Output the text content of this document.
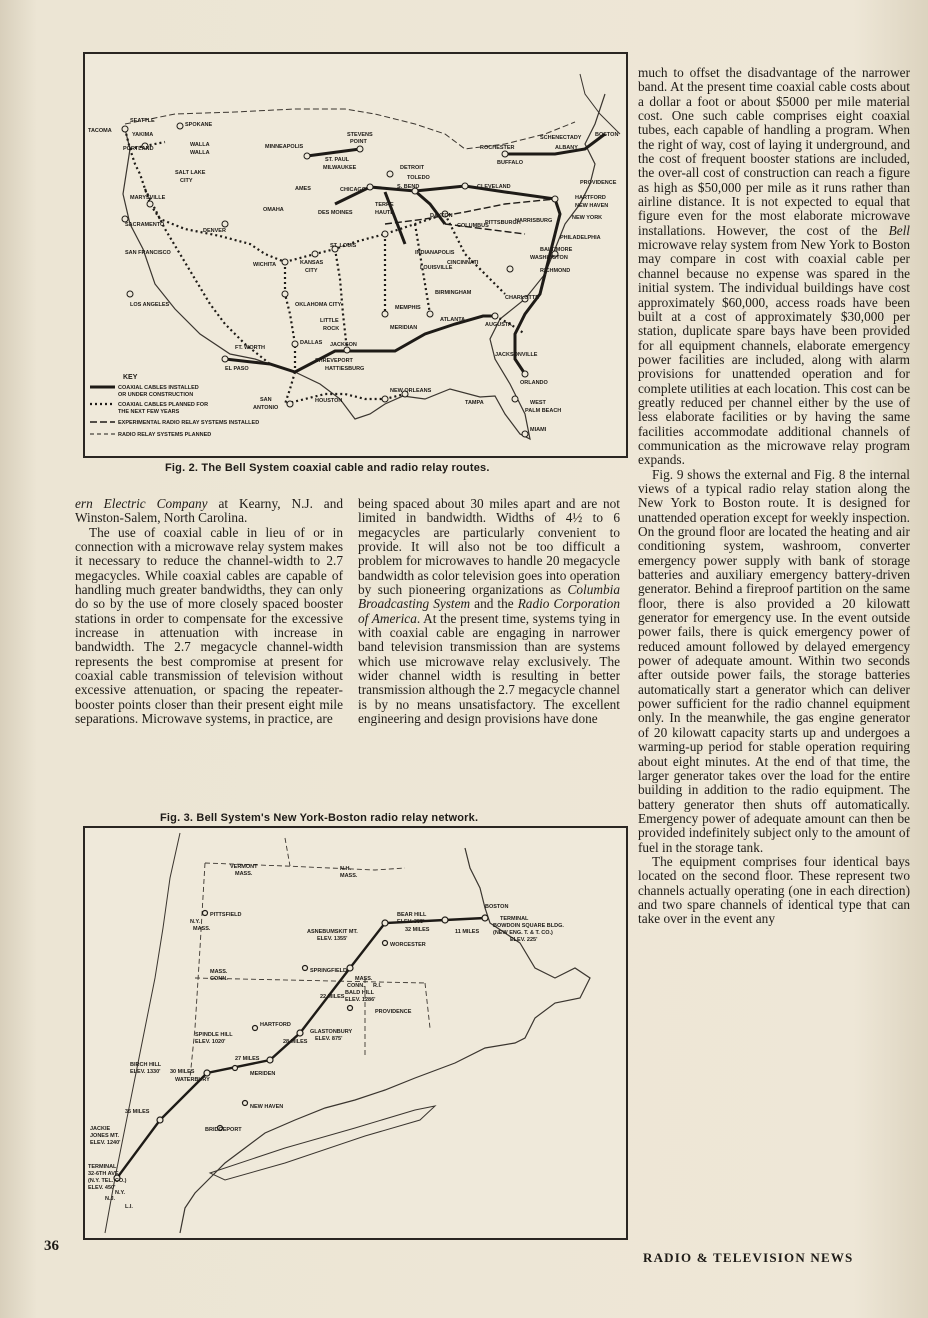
SEATTLE
SPOKANE
TACOMA
YAKIMA
PORTLAND
WALLA
WALLA
MINNEAPOLIS
STEVENS
POINT
ST. PAUL
MILWAUKEE	DETROIT
TOLEDO
ROCHESTER
SCHENECTADY
ALBANY
BOSTON
BUFFALO
PROVIDENCE
HARTFORD
NEW HAVEN
NEW YORK
PHILADELPHIA
BALTIMORE
WASHINGTON
RICHMOND
SALT LAKE
CITY
MARYSVILLE
SACRAMENTO
DENVER
OMAHA	DES MOINES
AMES	CHICAGO	S. BEND	CLEVELAND
TERRE
HAUTE	DAYTON
COLUMBUS
PITTSBURGH
HARRISBURG
INDIANAPOLIS
LOUISVILLE
CINCINNATI
ST. LOUIS
KANSAS
CITY
WICHITA
SAN FRANCISCO
LOS ANGELES	OKLAHOMA CITY	MEMPHIS
LITTLE
ROCK
BIRMINGHAM
CHARLOTTE
ATLANTA
AUGUSTA
MERIDIAN
FT. WORTH
DALLAS JACKSON
SHREVEPORT
HATTIESBURG
EL PASO
SAN
ANTONIO
HOUSTON
NEW ORLEANS
TAMPA
JACKSONVILLE
ORLANDO
WEST
PALM BEACH
MIAMI
KEY
COAXIAL CABLES INSTALLED
OR UNDER CONSTRUCTION
COAXIAL CABLES PLANNED FOR
THE NEXT FEW YEARS
EXPERIMENTAL RADIO RELAY SYSTEMS INSTALLED
RADIO RELAY SYSTEMS PLANNED
Fig. 2. The Bell System coaxial cable and radio relay routes.
Fig. 3. Bell System's New York-Boston radio relay network.
VERMONT
MASS.
N.H.
MASS.
N.Y.
MASS.
PITTSFIELD
ASNEBUMSKIT MT.
ELEV. 1355'
BEAR HILL
ELEV. 355'
32 MILES	11 MILES
WORCESTER
BOSTON
TERMINAL
BOWDOIN SQUARE BLDG.
(NEW ENG. T. & T. CO.)
ELEV. 225'
SPRINGFIELD
MASS.
CONN.	MASS.
CONN. R.I.
22 MILES
28 MILES
BALD HILL
ELEV. 1286'
PROVIDENCE
HARTFORD
SPINDLE HILL
ELEV. 1020'
27 MILES
GLASTONBURY
ELEV. 875'
MERIDEN
BIRCH HILL
ELEV. 1330' 30 MILES
WATERBURY
NEW HAVEN
JACKIE
JONES MT.
ELEV. 1240'
35 MILES
BRIDGEPORT
TERMINAL
32-6TH AVE.
(N.Y. TEL. CO.)
ELEV. 450'
L.I.
N.J.
N.Y.

ern Electric Company at Kearny, N.J. and Winston-Salem, North Carolina.

The use of coaxial cable in lieu of or in connection with a microwave relay system makes it necessary to reduce the channel-width to 2.7 megacycles. While coaxial cables are capable of handling much greater bandwidths, they can only do so by the use of more closely spaced booster stations in order to compensate for the excessive increase in attenuation with increase in bandwidth. The 2.7 megacycle channel-width represents the best compromise at present for coaxial cable transmission of television without excessive attenuation, or spacing the repeater-booster points closer than their present eight mile separations. Microwave systems, in practice, are

being spaced about 30 miles apart and are not limited in bandwidth. Widths of 4½ to 6 megacycles are particularly convenient to provide. It will also not be too difficult a problem for microwaves to handle 20 megacycle bandwidth as color television goes into operation by such pioneering organizations as Columbia Broadcasting System and the Radio Corporation of America. At the present time, systems tying in with coaxial cable are engaging in narrower band television transmission than are systems which use microwave relay exclusively. The wider channel width is resulting in better transmission although the 2.7 megacycle channel is by no means unsatisfactory. The excellent engineering and design provisions have done

much to offset the disadvantage of the narrower band. At the present time coaxial cable costs about a dollar a foot or about $5000 per mile material cost. One such cable comprises eight coaxial tubes, each capable of handling a program. When the right of way, cost of laying it underground, and the cost of frequent booster stations are included, the over-all cost of construction can reach a figure as high as $50,000 per mile as it runs rather than airline distance. It is not expected to equal that figure even for the most elaborate microwave installations. However, the cost of the Bell microwave relay system from New York to Boston may compare in cost with coaxial cable per channel because no expense was spared in the initial system. The individual buildings have cost approximately $60,000, access roads have been built at a cost of approximately $30,000 per station, duplicate spare bays have been provided for all equipment channels, elaborate emergency power facilities are included, along with alarm provisions for unattended operation and for complete utilities at each location. This cost can be greatly reduced per channel either by the use of less elaborate facilities or by having the same facilities accommodate additional channels of communication as the microwave relay program expands.

Fig. 9 shows the external and Fig. 8 the internal views of a typical radio relay station along the New York to Boston route. It is designed for unattended operation except for weekly inspection. On the ground floor are located the heating and air conditioning system, washroom, converter emergency power supply with bank of storage batteries and auxiliary emergency battery-driven generator. Behind a fireproof partition on the same floor, there is also provided a 20 kilowatt generator for emergency use. In the event outside power fails, there is quick emergency power of reduced amount followed by delayed emergency power of adequate amount. Within two seconds after outside power fails, the storage batteries automatically start a generator which can deliver power sufficient for the radio channel equipment only. In the meanwhile, the gas engine generator of 20 kilowatt capacity starts up and undergoes a warming-up period for stable operation requiring about eight minutes. At the end of that time, the larger generator takes over the load for the entire building in addition to the radio equipment. The battery generator then shuts off automatically. Emergency power of adequate amount can then be provided indefinitely subject only to the amount of fuel in the storage tank.

The equipment comprises four identical bays located on the second floor. These represent two channels actually operating (one in each direction) and two spare channels of identical type that can take over in the event any

36
RADIO & TELEVISION NEWS
